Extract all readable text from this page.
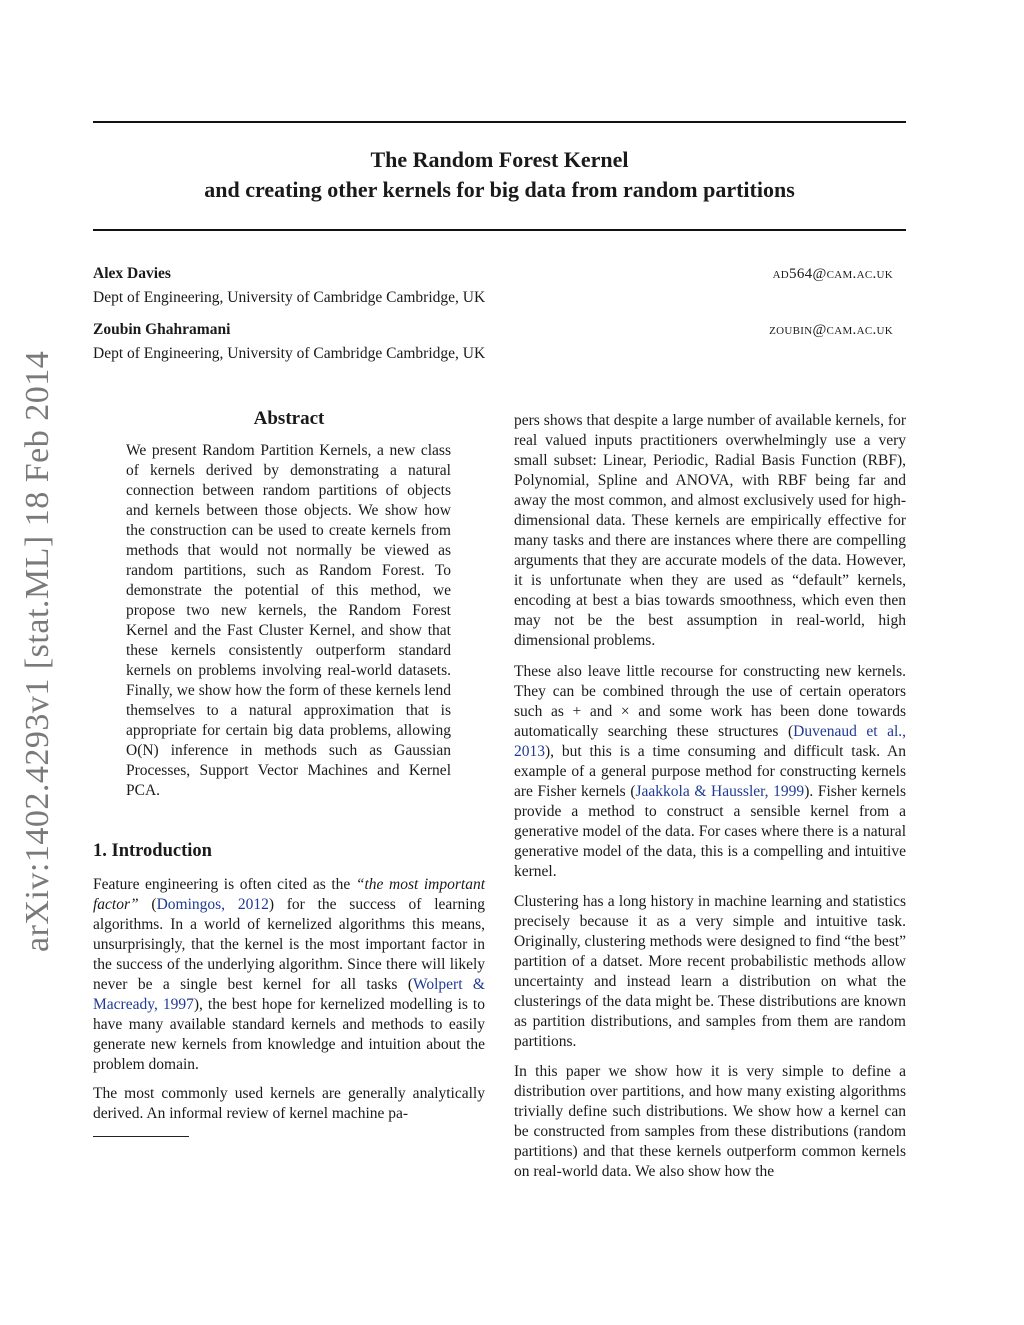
arXiv:1402.4293v1 [stat.ML] 18 Feb 2014
The Random Forest Kernel
and creating other kernels for big data from random partitions
Alex Davies	ad564@cam.ac.uk
Dept of Engineering, University of Cambridge Cambridge, UK
Zoubin Ghahramani	zoubin@cam.ac.uk
Dept of Engineering, University of Cambridge Cambridge, UK
Abstract

We present Random Partition Kernels, a new class of kernels derived by demonstrating a natural connection between random partitions of objects and kernels between those objects. We show how the construction can be used to create kernels from methods that would not normally be viewed as random partitions, such as Random Forest. To demonstrate the potential of this method, we propose two new kernels, the Random Forest Kernel and the Fast Cluster Kernel, and show that these kernels consistently outperform standard kernels on problems involving real-world datasets. Finally, we show how the form of these kernels lend themselves to a natural approximation that is appropriate for certain big data problems, allowing O(N) inference in methods such as Gaussian Processes, Support Vector Machines and Kernel PCA.

1. Introduction

Feature engineering is often cited as the “the most important factor” (Domingos, 2012) for the success of learning algorithms. In a world of kernelized algorithms this means, unsurprisingly, that the kernel is the most important factor in the success of the underlying algorithm. Since there will likely never be a single best kernel for all tasks (Wolpert & Macready, 1997), the best hope for kernelized modelling is to have many available standard kernels and methods to easily generate new kernels from knowledge and intuition about the problem domain.

The most commonly used kernels are generally analytically derived. An informal review of kernel machine pa-

pers shows that despite a large number of available kernels, for real valued inputs practitioners overwhelmingly use a very small subset: Linear, Periodic, Radial Basis Function (RBF), Polynomial, Spline and ANOVA, with RBF being far and away the most common, and almost exclusively used for high-dimensional data. These kernels are empirically effective for many tasks and there are instances where there are compelling arguments that they are accurate models of the data. However, it is unfortunate when they are used as “default” kernels, encoding at best a bias towards smoothness, which even then may not be the best assumption in real-world, high dimensional problems.

These also leave little recourse for constructing new kernels. They can be combined through the use of certain operators such as + and × and some work has been done towards automatically searching these structures (Duvenaud et al., 2013), but this is a time consuming and difficult task. An example of a general purpose method for constructing kernels are Fisher kernels (Jaakkola & Haussler, 1999). Fisher kernels provide a method to construct a sensible kernel from a generative model of the data. For cases where there is a natural generative model of the data, this is a compelling and intuitive kernel.

Clustering has a long history in machine learning and statistics precisely because it as a very simple and intuitive task. Originally, clustering methods were designed to find “the best” partition of a datset. More recent probabilistic methods allow uncertainty and instead learn a distribution on what the clusterings of the data might be. These distributions are known as partition distributions, and samples from them are random partitions.

In this paper we show how it is very simple to define a distribution over partitions, and how many existing algorithms trivially define such distributions. We show how a kernel can be constructed from samples from these distributions (random partitions) and that these kernels outperform common kernels on real-world data. We also show how the
